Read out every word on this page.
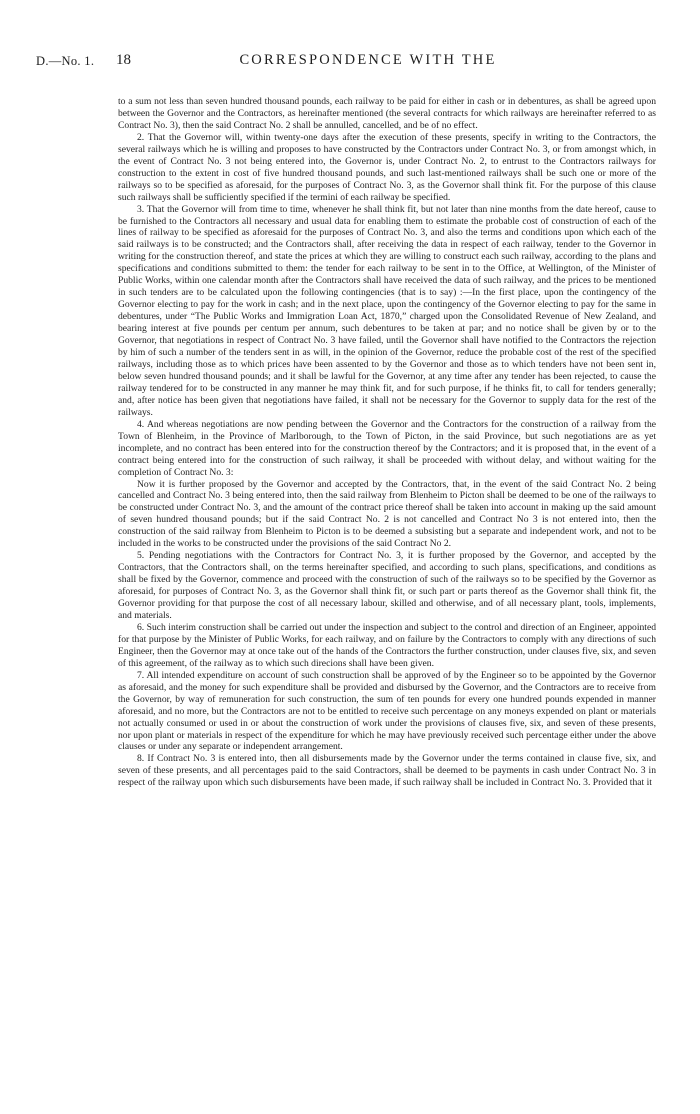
D.—No. 1. 18	CORRESPONDENCE WITH THE

to a sum not less than seven hundred thousand pounds, each railway to be paid for either in cash or in debentures, as shall be agreed upon between the Governor and the Contractors, as hereinafter mentioned (the several contracts for which railways are hereinafter referred to as Contract No. 3), then the said Contract No. 2 shall be annulled, cancelled, and be of no effect.

2. That the Governor will, within twenty-one days after the execution of these presents, specify in writing to the Contractors, the several railways which he is willing and proposes to have constructed by the Contractors under Contract No. 3, or from amongst which, in the event of Contract No. 3 not being entered into, the Governor is, under Contract No. 2, to entrust to the Contractors railways for construction to the extent in cost of five hundred thousand pounds, and such last-mentioned railways shall be such one or more of the railways so to be specified as aforesaid, for the purposes of Contract No. 3, as the Governor shall think fit. For the purpose of this clause such railways shall be sufficiently specified if the termini of each railway be specified.

3. That the Governor will from time to time, whenever he shall think fit, but not later than nine months from the date hereof, cause to be furnished to the Contractors all necessary and usual data for enabling them to estimate the probable cost of construction of each of the lines of railway to be specified as aforesaid for the purposes of Contract No. 3, and also the terms and conditions upon which each of the said railways is to be constructed; and the Contractors shall, after receiving the data in respect of each railway, tender to the Governor in writing for the construction thereof, and state the prices at which they are willing to construct each such railway, according to the plans and specifications and conditions submitted to them: the tender for each railway to be sent in to the Office, at Wellington, of the Minister of Public Works, within one calendar month after the Contractors shall have received the data of such railway, and the prices to be mentioned in such tenders are to be calculated upon the following contingencies (that is to say) :—In the first place, upon the contingency of the Governor electing to pay for the work in cash; and in the next place, upon the contingency of the Governor electing to pay for the same in debentures, under “The Public Works and Immigration Loan Act, 1870,” charged upon the Consolidated Revenue of New Zealand, and bearing interest at five pounds per centum per annum, such debentures to be taken at par; and no notice shall be given by or to the Governor, that negotiations in respect of Contract No. 3 have failed, until the Governor shall have notified to the Contractors the rejection by him of such a number of the tenders sent in as will, in the opinion of the Governor, reduce the probable cost of the rest of the specified railways, including those as to which prices have been assented to by the Governor and those as to which tenders have not been sent in, below seven hundred thousand pounds; and it shall be lawful for the Governor, at any time after any tender has been rejected, to cause the railway tendered for to be constructed in any manner he may think fit, and for such purpose, if he thinks fit, to call for tenders generally; and, after notice has been given that negotiations have failed, it shall not be necessary for the Governor to supply data for the rest of the railways.

4. And whereas negotiations are now pending between the Governor and the Contractors for the construction of a railway from the Town of Blenheim, in the Province of Marlborough, to the Town of Picton, in the said Province, but such negotiations are as yet incomplete, and no contract has been entered into for the construction thereof by the Contractors; and it is proposed that, in the event of a contract being entered into for the construction of such railway, it shall be proceeded with without delay, and without waiting for the completion of Contract No. 3:

Now it is further proposed by the Governor and accepted by the Contractors, that, in the event of the said Contract No. 2 being cancelled and Contract No. 3 being entered into, then the said railway from Blenheim to Picton shall be deemed to be one of the railways to be constructed under Contract No. 3, and the amount of the contract price thereof shall be taken into account in making up the said amount of seven hundred thousand pounds; but if the said Contract No. 2 is not cancelled and Contract No 3 is not entered into, then the construction of the said railway from Blenheim to Picton is to be deemed a subsisting but a separate and independent work, and not to be included in the works to be constructed under the provisions of the said Contract No 2.

5. Pending negotiations with the Contractors for Contract No. 3, it is further proposed by the Governor, and accepted by the Contractors, that the Contractors shall, on the terms hereinafter specified, and according to such plans, specifications, and conditions as shall be fixed by the Governor, commence and proceed with the construction of such of the railways so to be specified by the Governor as aforesaid, for purposes of Contract No. 3, as the Governor shall think fit, or such part or parts thereof as the Governor shall think fit, the Governor providing for that purpose the cost of all necessary labour, skilled and otherwise, and of all necessary plant, tools, implements, and materials.

6. Such interim construction shall be carried out under the inspection and subject to the control and direction of an Engineer, appointed for that purpose by the Minister of Public Works, for each railway, and on failure by the Contractors to comply with any directions of such Engineer, then the Governor may at once take out of the hands of the Contractors the further construction, under clauses five, six, and seven of this agreement, of the railway as to which such direcions shall have been given.

7. All intended expenditure on account of such construction shall be approved of by the Engineer so to be appointed by the Governor as aforesaid, and the money for such expenditure shall be provided and disbursed by the Governor, and the Contractors are to receive from the Governor, by way of remuneration for such construction, the sum of ten pounds for every one hundred pounds expended in manner aforesaid, and no more, but the Contractors are not to be entitled to receive such percentage on any moneys expended on plant or materials not actually consumed or used in or about the construction of work under the provisions of clauses five, six, and seven of these presents, nor upon plant or materials in respect of the expenditure for which he may have previously received such percentage either under the above clauses or under any separate or independent arrangement.

8. If Contract No. 3 is entered into, then all disbursements made by the Governor under the terms contained in clause five, six, and seven of these presents, and all percentages paid to the said Contractors, shall be deemed to be payments in cash under Contract No. 3 in respect of the railway upon which such disbursements have been made, if such railway shall be included in Contract No. 3. Provided that it
